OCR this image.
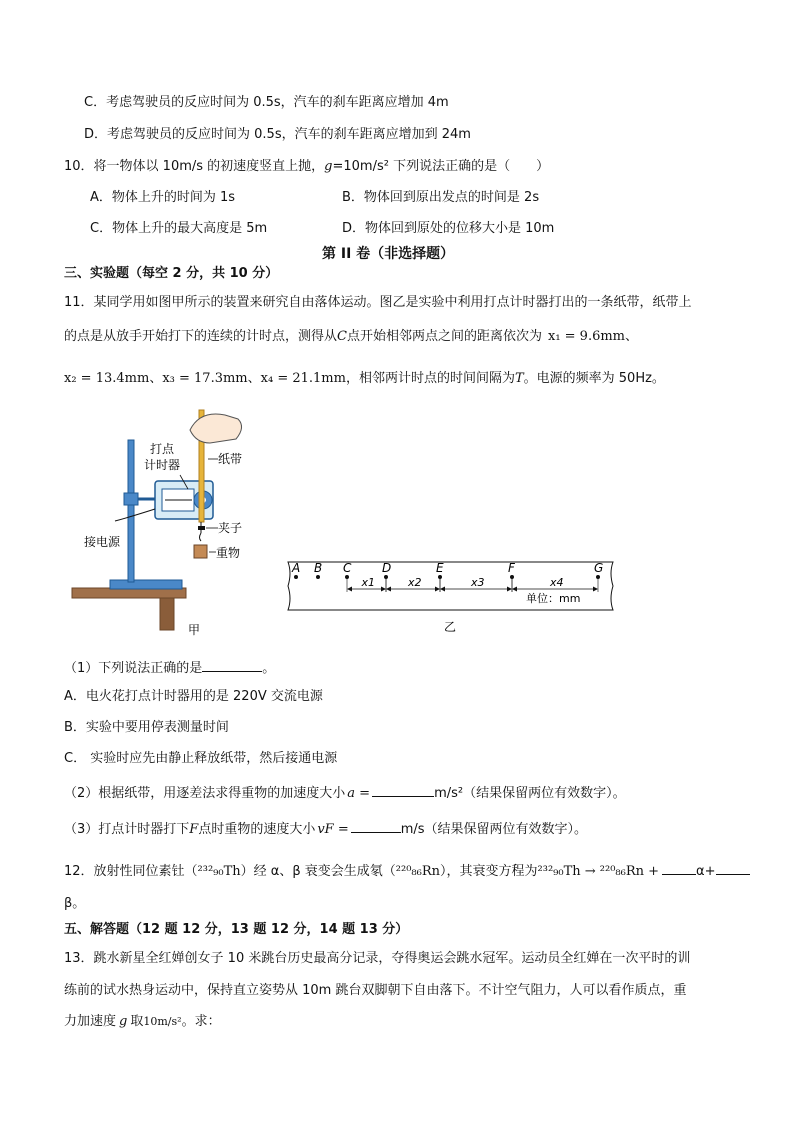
C．考虑驾驶员的反应时间为 0.5s，汽车的刹车距离应增加 4m
D．考虑驾驶员的反应时间为 0.5s，汽车的刹车距离应增加到 24m
10．将一物体以 10m/s 的初速度竖直上抛，g=10m/s² 下列说法正确的是（　　）
A．物体上升的时间为 1s	B．物体回到原出发点的时间是 2s
C．物体上升的最大高度是 5m	D．物体回到原处的位移大小是 10m
第 II 卷（非选择题）
三、实验题（每空 2 分，共 10 分）
11．某同学用如图甲所示的装置来研究自由落体运动。图乙是实验中利用打点计时器打出的一条纸带，纸带上
的点是从放手开始打下的连续的计时点，测得从C点开始相邻两点之间的距离依次为 x₁ = 9.6mm、
x₂ = 13.4mm、x₃ = 17.3mm、x₄ = 21.1mm，相邻两计时点的时间间隔为T。电源的频率为 50Hz。
打点
计时器	纸带
夹子
接电源
重物
甲
A B C	D	E	F	G
x1	x2	x3	x4
乙
单位：mm
（1）下列说法正确的是	。
A．电火花打点计时器用的是 220V 交流电源
B．实验中要用停表测量时间
C． 实验时应先由静止释放纸带，然后接通电源
（2）根据纸带，用逐差法求得重物的加速度大小 a =	m/s²（结果保留两位有效数字）。
（3）打点计时器打下F点时重物的速度大小 vF =	m/s（结果保留两位有效数字）。
12．放射性同位素钍（²³²₉₀Th）经 α、β 衰变会生成氡（²²⁰₈₆Rn），其衰变方程为²³²₉₀Th → ²²⁰₈₆Rn +	α+
β。
五、解答题（12 题 12 分，13 题 12 分，14 题 13 分）
13．跳水新星全红婵创女子 10 米跳台历史最高分记录，夺得奥运会跳水冠军。运动员全红婵在一次平时的训
练前的试水热身运动中，保持直立姿势从 10m 跳台双脚朝下自由落下。不计空气阻力，人可以看作质点，重
力加速度 g 取10m/s²。求：
